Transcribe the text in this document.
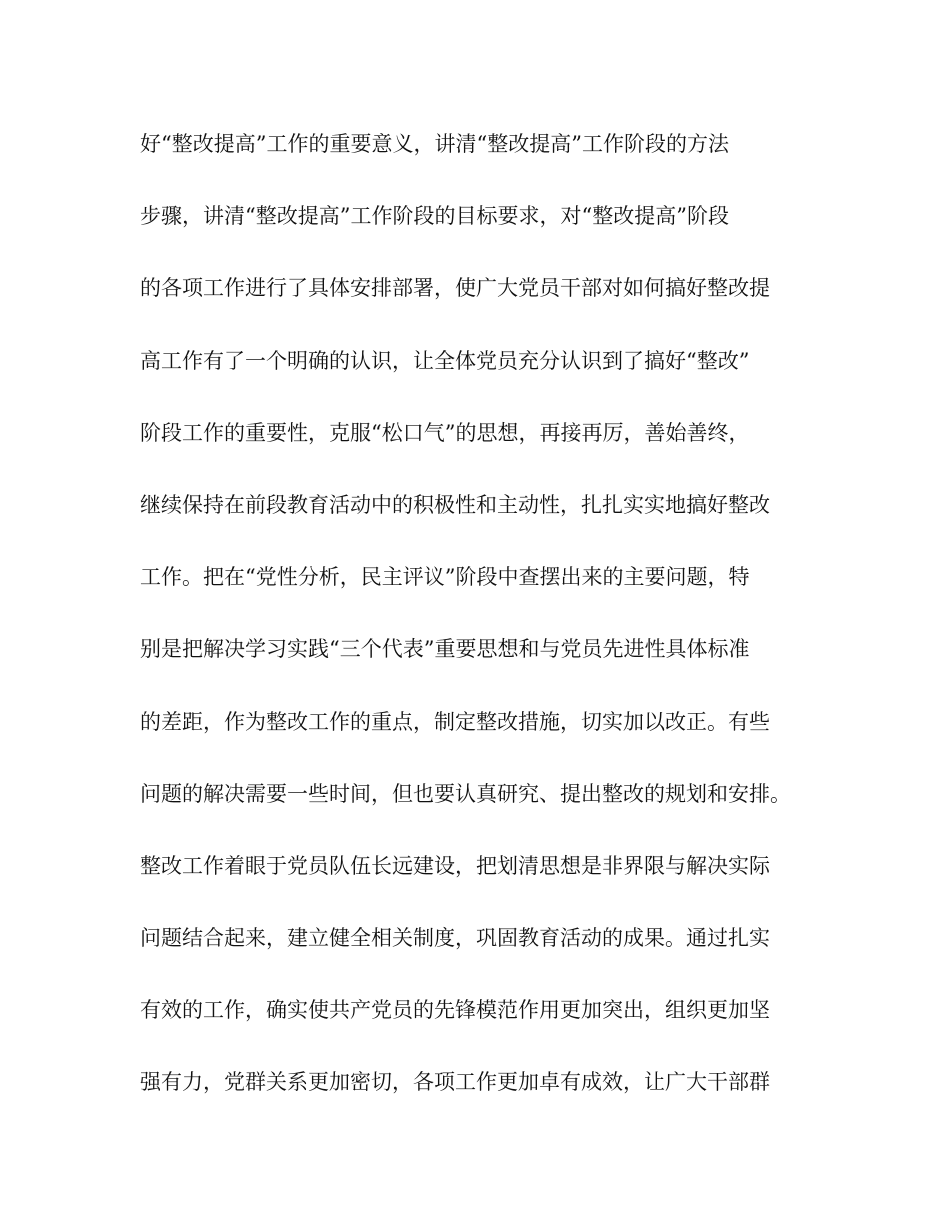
好“整改提高”工作的重要意义，讲清“整改提高”工作阶段的方法
步骤，讲清“整改提高”工作阶段的目标要求，对“整改提高”阶段
的各项工作进行了具体安排部署，使广大党员干部对如何搞好整改提
高工作有了一个明确的认识，让全体党员充分认识到了搞好“整改”
阶段工作的重要性，克服“松口气”的思想，再接再厉，善始善终，
继续保持在前段教育活动中的积极性和主动性，扎扎实实地搞好整改
工作。把在“党性分析，民主评议”阶段中查摆出来的主要问题，特
别是把解决学习实践“三个代表”重要思想和与党员先进性具体标准
的差距，作为整改工作的重点，制定整改措施，切实加以改正。有些
问题的解决需要一些时间，但也要认真研究、提出整改的规划和安排。
整改工作着眼于党员队伍长远建设，把划清思想是非界限与解决实际
问题结合起来，建立健全相关制度，巩固教育活动的成果。通过扎实
有效的工作，确实使共产党员的先锋模范作用更加突出，组织更加坚
强有力，党群关系更加密切，各项工作更加卓有成效，让广大干部群
